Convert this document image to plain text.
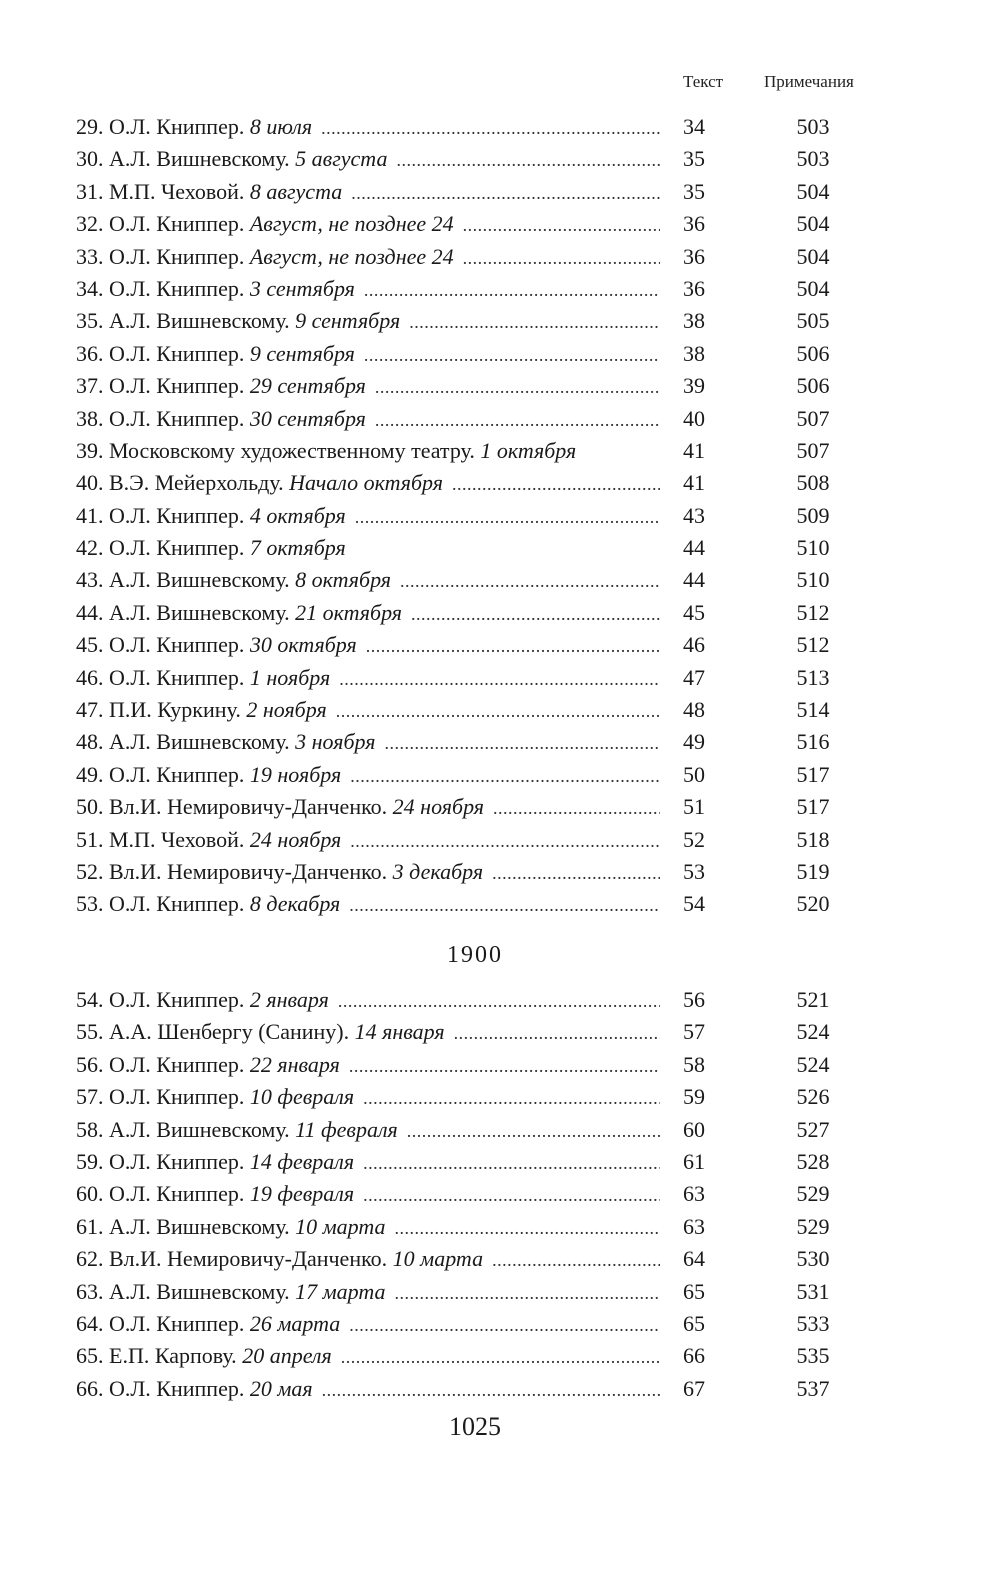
Текст Примечания
29. О.Л. Книппер. 8 июля .....	34	503
30. А.Л. Вишневскому. 5 августа .....	35	503
31. М.П. Чеховой. 8 августа .....	35	504
32. О.Л. Книппер. Август, не позднее 24 .....	36	504
33. О.Л. Книппер. Август, не позднее 24 .....	36	504
34. О.Л. Книппер. 3 сентября .....	36	504
35. А.Л. Вишневскому. 9 сентября .....	38	505
36. О.Л. Книппер. 9 сентября .....	38	506
37. О.Л. Книппер. 29 сентября .....	39	506
38. О.Л. Книппер. 30 сентября .....	40	507
39. Московскому художественному театру. 1 октября	41	507
40. В.Э. Мейерхольду. Начало октября .....	41	508
41. О.Л. Книппер. 4 октября .....	43	509
42. О.Л. Книппер. 7 октября	44	510
43. А.Л. Вишневскому. 8 октября .....	44	510
44. А.Л. Вишневскому. 21 октября .....	45	512
45. О.Л. Книппер. 30 октября .....	46	512
46. О.Л. Книппер. 1 ноября .....	47	513
47. П.И. Куркину. 2 ноября .....	48	514
48. А.Л. Вишневскому. 3 ноября .....	49	516
49. О.Л. Книппер. 19 ноября .....	50	517
50. Вл.И. Немировичу-Данченко. 24 ноября .....	51	517
51. М.П. Чеховой. 24 ноября .....	52	518
52. Вл.И. Немировичу-Данченко. 3 декабря .....	53	519
53. О.Л. Книппер. 8 декабря .....	54	520
1900
54. О.Л. Книппер. 2 января .....	56	521
55. А.А. Шенбергу (Санину). 14 января .....	57	524
56. О.Л. Книппер. 22 января .....	58	524
57. О.Л. Книппер. 10 февраля .....	59	526
58. А.Л. Вишневскому. 11 февраля .....	60	527
59. О.Л. Книппер. 14 февраля .....	61	528
60. О.Л. Книппер. 19 февраля .....	63	529
61. А.Л. Вишневскому. 10 марта .....	63	529
62. Вл.И. Немировичу-Данченко. 10 марта .....	64	530
63. А.Л. Вишневскому. 17 марта .....	65	531
64. О.Л. Книппер. 26 марта .....	65	533
65. Е.П. Карпову. 20 апреля .....	66	535
66. О.Л. Книппер. 20 мая .....	67	537
1025
